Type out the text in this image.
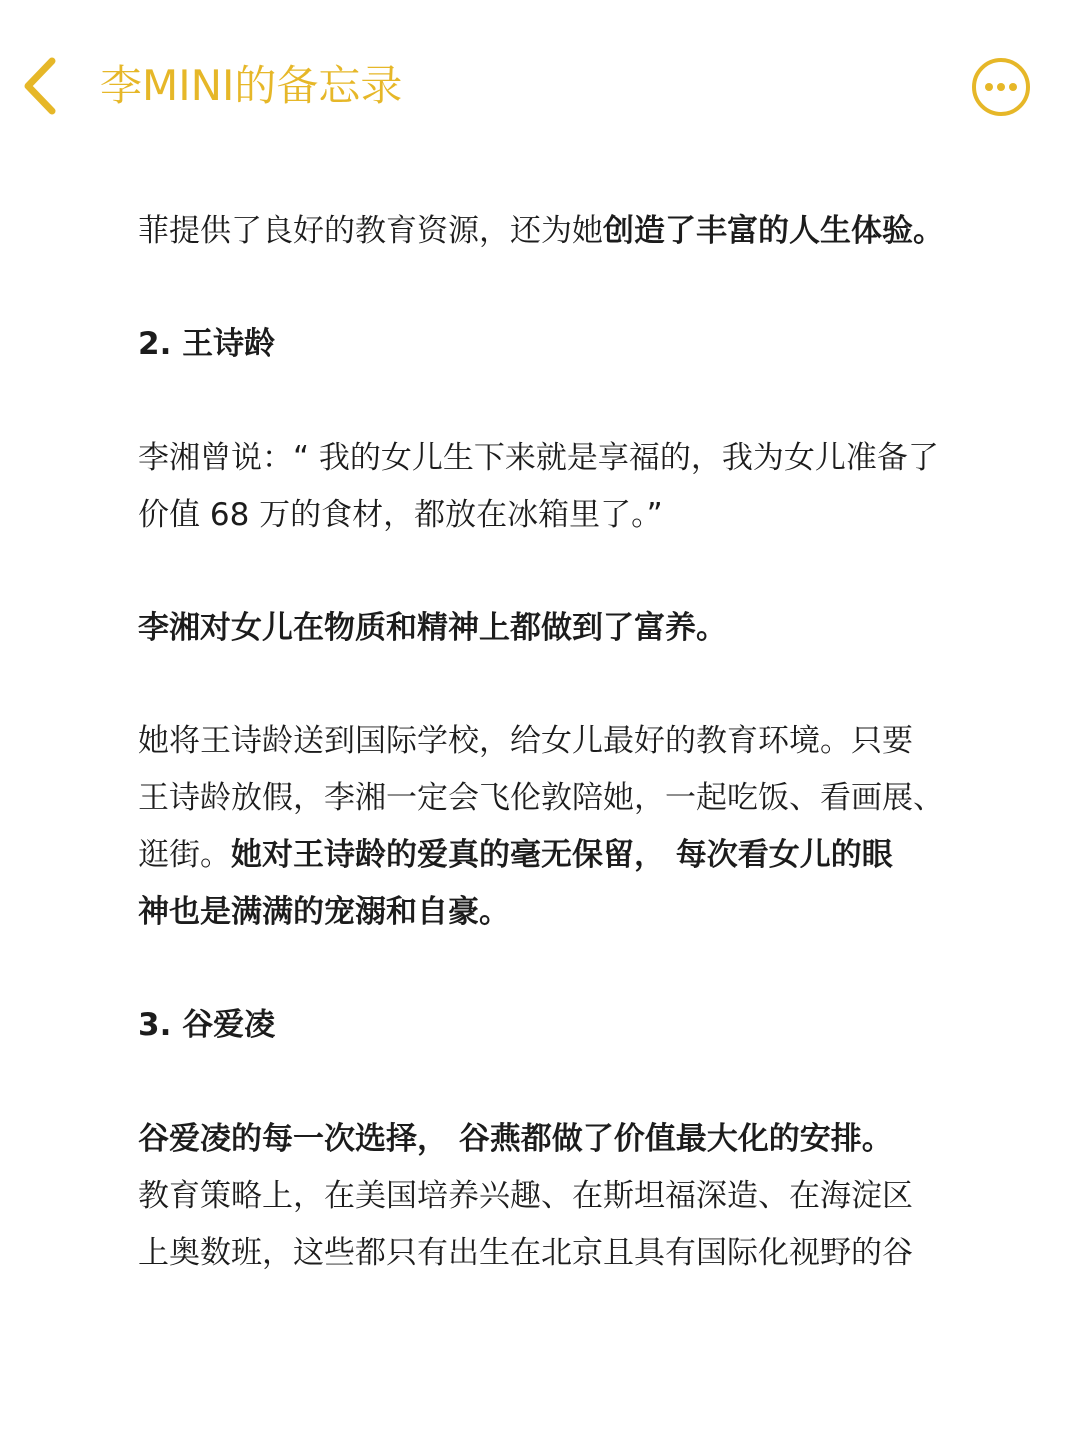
李MINI的备忘录

菲提供了良好的教育资源，还为她创造了丰富的人生体验。

2. 王诗龄

李湘曾说：“ 我的女儿生下来就是享福的，我为女儿准备了
价值 68 万的食材，都放在冰箱里了。”

李湘对女儿在物质和精神上都做到了富养。

她将王诗龄送到国际学校，给女儿最好的教育环境。只要
王诗龄放假，李湘一定会飞伦敦陪她，一起吃饭、看画展、
逛街。她对王诗龄的爱真的毫无保留， 每次看女儿的眼
神也是满满的宠溺和自豪。

3. 谷爱凌

谷爱凌的每一次选择， 谷燕都做了价值最大化的安排。
教育策略上，在美国培养兴趣、在斯坦福深造、在海淀区
上奥数班，这些都只有出生在北京且具有国际化视野的谷
